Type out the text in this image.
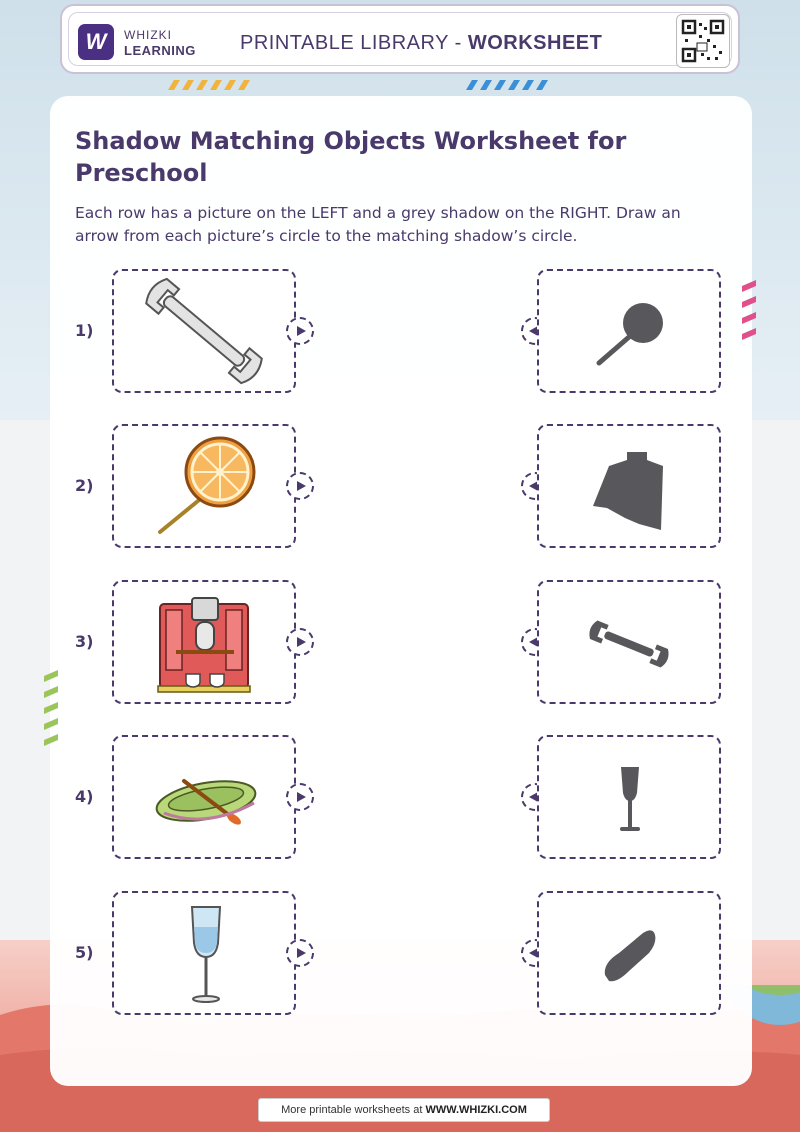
W	WHIZKI
LEARNING PRINTABLE LIBRARY - WORKSHEET
Shadow Matching Objects Worksheet for Preschool
Each row has a picture on the LEFT and a grey shadow on the RIGHT. Draw an arrow from each picture’s circle to the matching shadow’s circle.
1)
2)
3)
4)
5)
More printable worksheets at WWW.WHIZKI.COM
